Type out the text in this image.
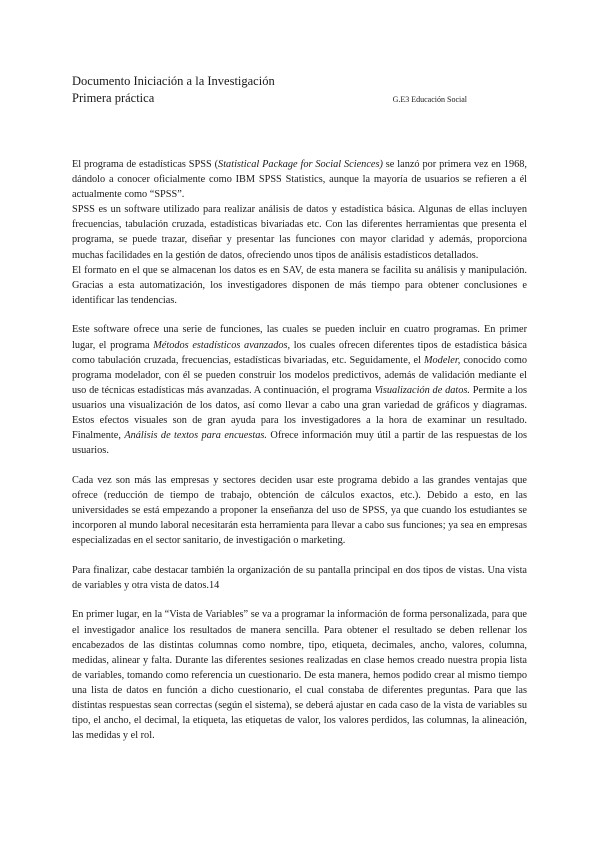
Documento Iniciación a la Investigación
Primera práctica	G.E3 Educación Social

El programa de estadísticas SPSS (Statistical Package for Social Sciences) se lanzó por primera vez en 1968, dándolo a conocer oficialmente como IBM SPSS Statistics, aunque la mayoría de usuarios se refieren a él actualmente como “SPSS”.

SPSS es un software utilizado para realizar análisis de datos y estadística básica. Algunas de ellas incluyen frecuencias, tabulación cruzada, estadísticas bivariadas etc. Con las diferentes herramientas que presenta el programa, se puede trazar, diseñar y presentar las funciones con mayor claridad y además, proporciona muchas facilidades en la gestión de datos, ofreciendo unos tipos de análisis estadísticos detallados.

El formato en el que se almacenan los datos es en SAV, de esta manera se facilita su análisis y manipulación. Gracias a esta automatización, los investigadores disponen de más tiempo para obtener conclusiones e identificar las tendencias.

Este software ofrece una serie de funciones, las cuales se pueden incluir en cuatro programas. En primer lugar, el programa Métodos estadísticos avanzados, los cuales ofrecen diferentes tipos de estadística básica como tabulación cruzada, frecuencias, estadísticas bivariadas, etc. Seguidamente, el Modeler, conocido como programa modelador, con él se pueden construir los modelos predictivos, además de validación mediante el uso de técnicas estadísticas más avanzadas. A continuación, el programa Visualización de datos. Permite a los usuarios una visualización de los datos, así como llevar a cabo una gran variedad de gráficos y diagramas. Estos efectos visuales son de gran ayuda para los investigadores a la hora de examinar un resultado. Finalmente, Análisis de textos para encuestas. Ofrece información muy útil a partir de las respuestas de los usuarios.

Cada vez son más las empresas y sectores deciden usar este programa debido a las grandes ventajas que ofrece (reducción de tiempo de trabajo, obtención de cálculos exactos, etc.). Debido a esto, en las universidades se está empezando a proponer la enseñanza del uso de SPSS, ya que cuando los estudiantes se incorporen al mundo laboral necesitarán esta herramienta para llevar a cabo sus funciones; ya sea en empresas especializadas en el sector sanitario, de investigación o marketing.

Para finalizar, cabe destacar también la organización de su pantalla principal en dos tipos de vistas. Una vista de variables y otra vista de datos.14

En primer lugar, en la “Vista de Variables” se va a programar la información de forma personalizada, para que el investigador analice los resultados de manera sencilla. Para obtener el resultado se deben rellenar los encabezados de las distintas columnas como nombre, tipo, etiqueta, decimales, ancho, valores, columna, medidas, alinear y falta. Durante las diferentes sesiones realizadas en clase hemos creado nuestra propia lista de variables, tomando como referencia un cuestionario. De esta manera, hemos podido crear al mismo tiempo una lista de datos en función a dicho cuestionario, el cual constaba de diferentes preguntas. Para que las distintas respuestas sean correctas (según el sistema), se deberá ajustar en cada caso de la vista de variables su tipo, el ancho, el decimal, la etiqueta, las etiquetas de valor, los valores perdidos, las columnas, la alineación, las medidas y el rol.
